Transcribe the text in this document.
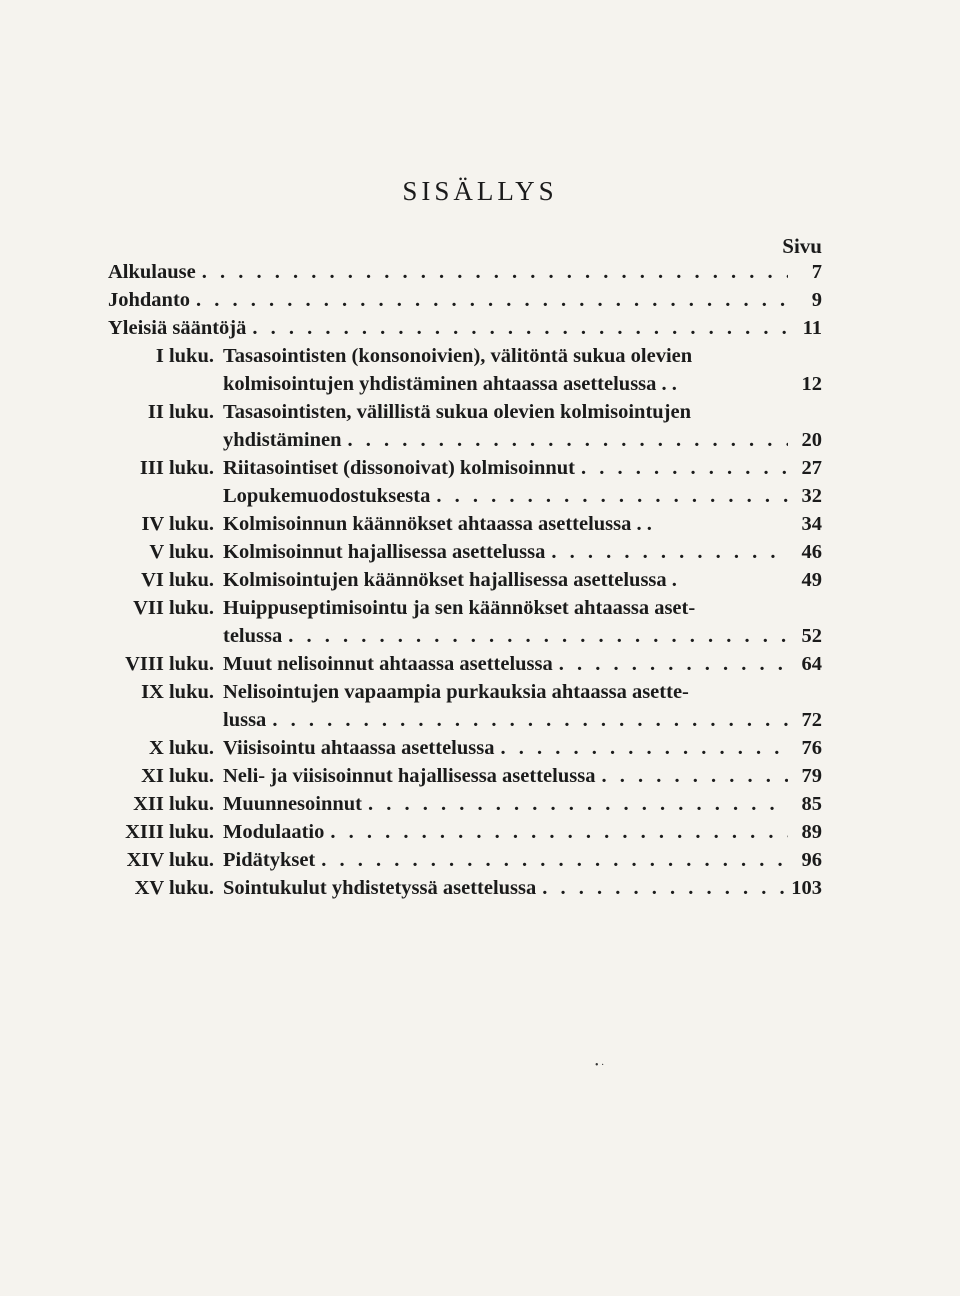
SISÄLLYS
Sivu
Alkulause . . .	7
Johdanto . . .	9
Yleisiä sääntöjä . . .	11
I luku. Tasasointisten (konsonoivien), välitöntä sukua olevien
kolmisointujen yhdistäminen ahtaassa asettelussa . .	12
II luku. Tasasointisten, välillistä sukua olevien kolmisointujen
yhdistäminen . . .	20
III luku. Riitasointiset (dissonoivat) kolmisoinnut . . .	27
Lopukemuodostuksesta . . .	32
IV luku. Kolmisoinnun käännökset ahtaassa asettelussa . .	34
V luku. Kolmisoinnut hajallisessa asettelussa . . .	46
VI luku. Kolmisointujen käännökset hajallisessa asettelussa .	49
VII luku. Huippuseptimisointu ja sen käännökset ahtaassa aset-
telussa . . .	52
VIII luku. Muut nelisoinnut ahtaassa asettelussa . . .	64
IX luku. Nelisointujen vapaampia purkauksia ahtaassa asette-
lussa . . .	72
X luku. Viisisointu ahtaassa asettelussa . . .	76
XI luku. Neli- ja viisisoinnut hajallisessa asettelussa . . .	79
XII luku. Muunnesoinnut . . .	85
XIII luku. Modulaatio . . .	89
XIV luku. Pidätykset . . .	96
XV luku. Sointukulut yhdistetyssä asettelussa . . .	103
• ·
